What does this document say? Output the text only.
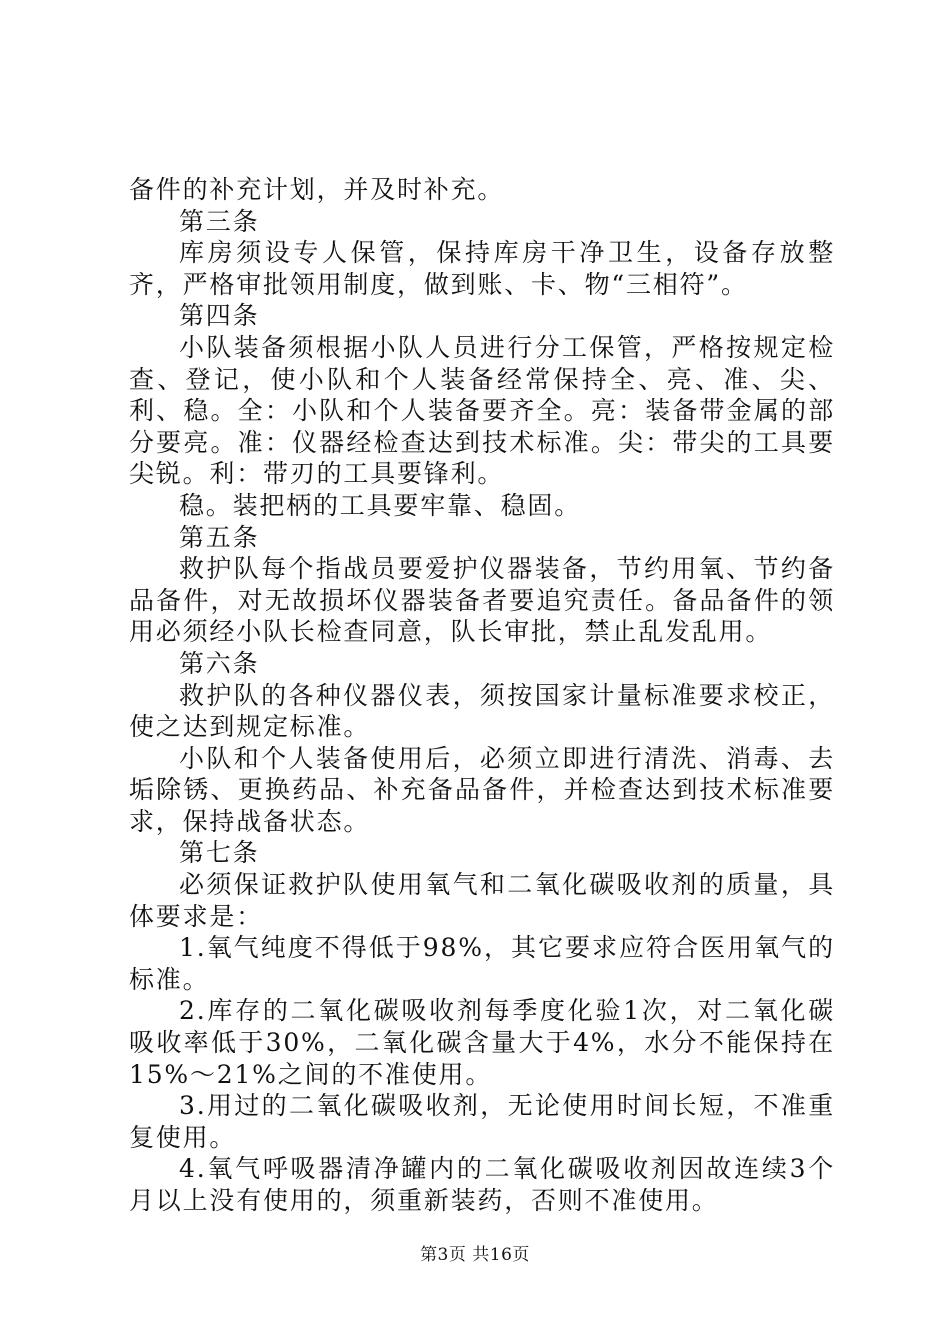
备件的补充计划，并及时补充。

第三条

库房须设专人保管，保持库房干净卫生，设备存放整齐，严格审批领用制度，做到账、卡、物“三相符”。

第四条

小队装备须根据小队人员进行分工保管，严格按规定检查、登记，使小队和个人装备经常保持全、亮、准、尖、利、稳。全：小队和个人装备要齐全。亮：装备带金属的部分要亮。准：仪器经检查达到技术标准。尖：带尖的工具要尖锐。利：带刃的工具要锋利。

稳。装把柄的工具要牢靠、稳固。

第五条

救护队每个指战员要爱护仪器装备，节约用氧、节约备品备件，对无故损坏仪器装备者要追究责任。备品备件的领用必须经小队长检查同意，队长审批，禁止乱发乱用。

第六条

救护队的各种仪器仪表，须按国家计量标准要求校正，使之达到规定标准。

小队和个人装备使用后，必须立即进行清洗、消毒、去垢除锈、更换药品、补充备品备件，并检查达到技术标准要求，保持战备状态。

第七条

必须保证救护队使用氧气和二氧化碳吸收剂的质量，具体要求是：

1.氧气纯度不得低于98%，其它要求应符合医用氧气的标准。

2.库存的二氧化碳吸收剂每季度化验1次，对二氧化碳吸收率低于30%，二氧化碳含量大于4%，水分不能保持在15%～21%之间的不准使用。

3.用过的二氧化碳吸收剂，无论使用时间长短，不准重复使用。

4.氧气呼吸器清净罐内的二氧化碳吸收剂因故连续3个月以上没有使用的，须重新装药，否则不准使用。

第3页 共16页
